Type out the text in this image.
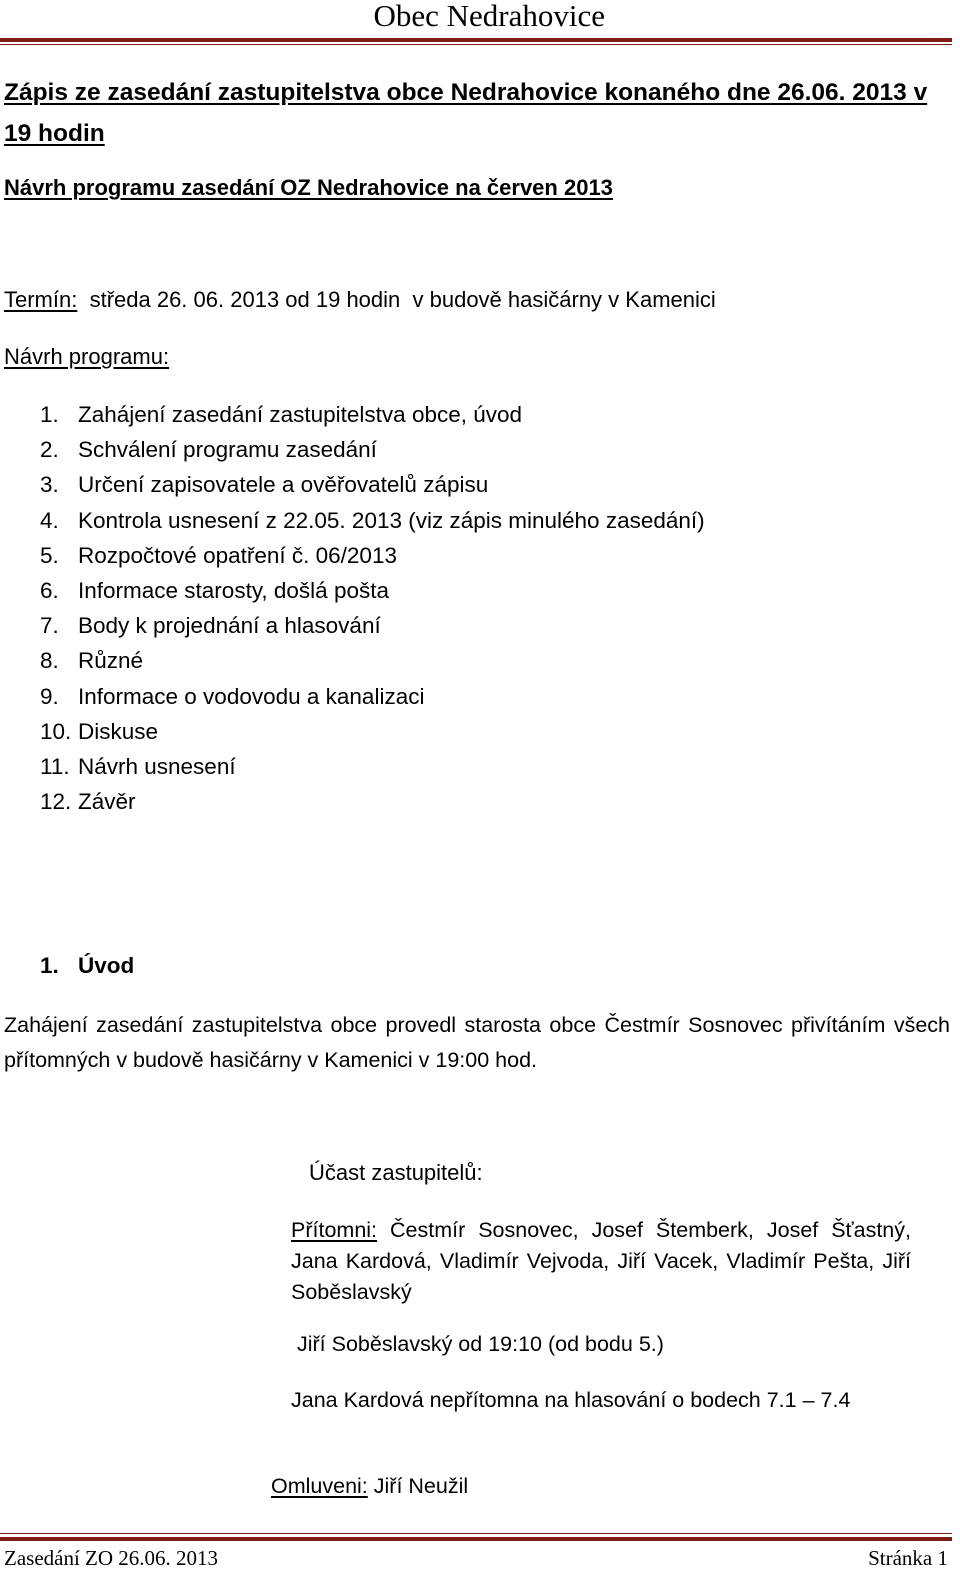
Obec Nedrahovice
Zápis ze zasedání zastupitelstva obce Nedrahovice konaného dne 26.06. 2013 v 19 hodin
Návrh programu zasedání OZ Nedrahovice na červen 2013
Termín:  středa 26. 06. 2013 od 19 hodin  v budově hasičárny v Kamenici
Návrh programu:
1. Zahájení zasedání zastupitelstva obce, úvod
2. Schválení programu zasedání
3. Určení zapisovatele a ověřovatelů zápisu
4. Kontrola usnesení z 22.05. 2013 (viz zápis minulého zasedání)
5. Rozpočtové opatření č. 06/2013
6. Informace starosty, došlá pošta
7. Body k projednání a hlasování
8. Různé
9. Informace o vodovodu a kanalizaci
10. Diskuse
11. Návrh usnesení
12. Závěr
1. Úvod
Zahájení zasedání zastupitelstva obce provedl starosta obce Čestmír Sosnovec přivítáním všech přítomných v budově hasičárny v Kamenici v 19:00 hod.
Účast zastupitelů:
Přítomni: Čestmír Sosnovec, Josef Štemberk, Josef Šťastný, Jana Kardová, Vladimír Vejvoda, Jiří Vacek, Vladimír Pešta, Jiří Soběslavský
Jiří Soběslavský od 19:10 (od bodu 5.)
Jana Kardová nepřítomna na hlasování o bodech 7.1 – 7.4
Omluveni: Jiří Neužil
Zasedání ZO 26.06. 2013	Stránka 1
